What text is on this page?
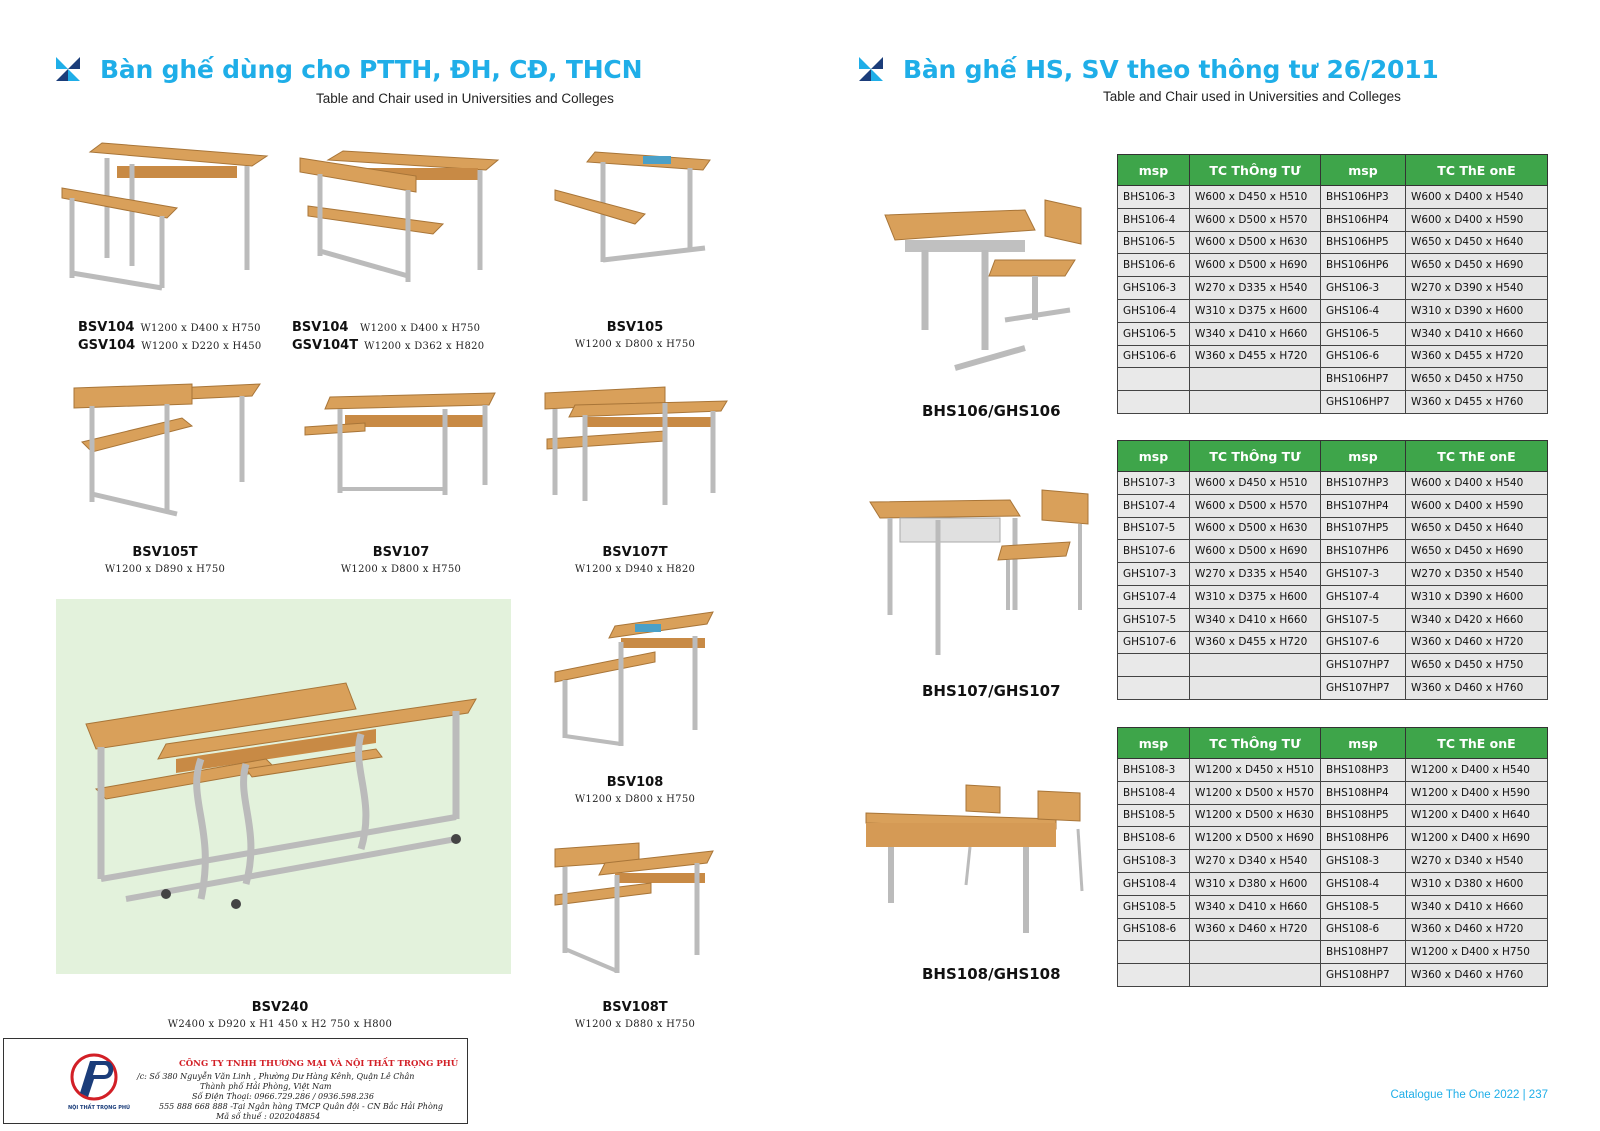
Bàn ghế dùng cho PTTH, ĐH, CĐ, THCN
Table and Chair used in Universities and Colleges
Bàn ghế HS, SV theo thông tư 26/2011
Table and Chair used in Universities and Colleges
BSV104 W1200 x D400 x H750
GSV104 W1200 x D220 x H450
BSV104	W1200 x D400 x H750
GSV104T W1200 x D362 x H820
BSV105
W1200 x D800 x H750
BSV105T
W1200 x D890 x H750
BSV107
W1200 x D800 x H750
BSV107T
W1200 x D940 x H820
BSV108
W1200 x D800 x H750
BSV240
W2400 x D920 x H1 450 x H2 750 x H800
BSV108T
W1200 x D880 x H750
BHS106/GHS106
BHS107/GHS107
BHS108/GHS108
msp	TC ThÔng TƯ	msp	TC ThE onE
BHS106-3	W600 x D450 x H510	BHS106HP3	W600 x D400 x H540
BHS106-4	W600 x D500 x H570	BHS106HP4	W600 x D400 x H590
BHS106-5	W600 x D500 x H630	BHS106HP5	W650 x D450 x H640
BHS106-6	W600 x D500 x H690	BHS106HP6	W650 x D450 x H690
GHS106-3	W270 x D335 x H540	GHS106-3	W270 x D390 x H540
GHS106-4	W310 x D375 x H600	GHS106-4	W310 x D390 x H600
GHS106-5	W340 x D410 x H660	GHS106-5	W340 x D410 x H660
GHS106-6	W360 x D455 x H720	GHS106-6	W360 x D455 x H720
		BHS106HP7	W650 x D450 x H750
		GHS106HP7	W360 x D455 x H760
msp	TC ThÔng TƯ	msp	TC ThE onE
BHS107-3	W600 x D450 x H510	BHS107HP3	W600 x D400 x H540
BHS107-4	W600 x D500 x H570	BHS107HP4	W600 x D400 x H590
BHS107-5	W600 x D500 x H630	BHS107HP5	W650 x D450 x H640
BHS107-6	W600 x D500 x H690	BHS107HP6	W650 x D450 x H690
GHS107-3	W270 x D335 x H540	GHS107-3	W270 x D350 x H540
GHS107-4	W310 x D375 x H600	GHS107-4	W310 x D390 x H600
GHS107-5	W340 x D410 x H660	GHS107-5	W340 x D420 x H660
GHS107-6	W360 x D455 x H720	GHS107-6	W360 x D460 x H720
		GHS107HP7	W650 x D450 x H750
		GHS107HP7	W360 x D460 x H760
msp	TC ThÔng TƯ	msp	TC ThE onE
BHS108-3	W1200 x D450 x H510	BHS108HP3	W1200 x D400 x H540
BHS108-4	W1200 x D500 x H570	BHS108HP4	W1200 x D400 x H590
BHS108-5	W1200 x D500 x H630	BHS108HP5	W1200 x D400 x H640
BHS108-6	W1200 x D500 x H690	BHS108HP6	W1200 x D400 x H690
GHS108-3	W270 x D340 x H540	GHS108-3	W270 x D340 x H540
GHS108-4	W310 x D380 x H600	GHS108-4	W310 x D380 x H600
GHS108-5	W340 x D410 x H660	GHS108-5	W340 x D410 x H660
GHS108-6	W360 x D460 x H720	GHS108-6	W360 x D460 x H720
		BHS108HP7	W1200 x D400 x H750
		GHS108HP7	W360 x D460 x H760
NỘI THẤT TRỌNG PHÚ
CÔNG TY TNHH THƯƠNG MẠI VÀ NỘI THẤT TRỌNG PHÚ
/c: Số 380 Nguyễn Văn Linh , Phường Dư Hàng Kênh, Quận Lê Chân
Thành phố Hải Phòng, Việt Nam
Số Điện Thoại: 0966.729.286 / 0936.598.236
555 888 668 888 -Tại Ngân hàng TMCP Quân đội - CN Bắc Hải Phòng
Mã số thuế : 0202048854
Catalogue The One 2022 | 237
